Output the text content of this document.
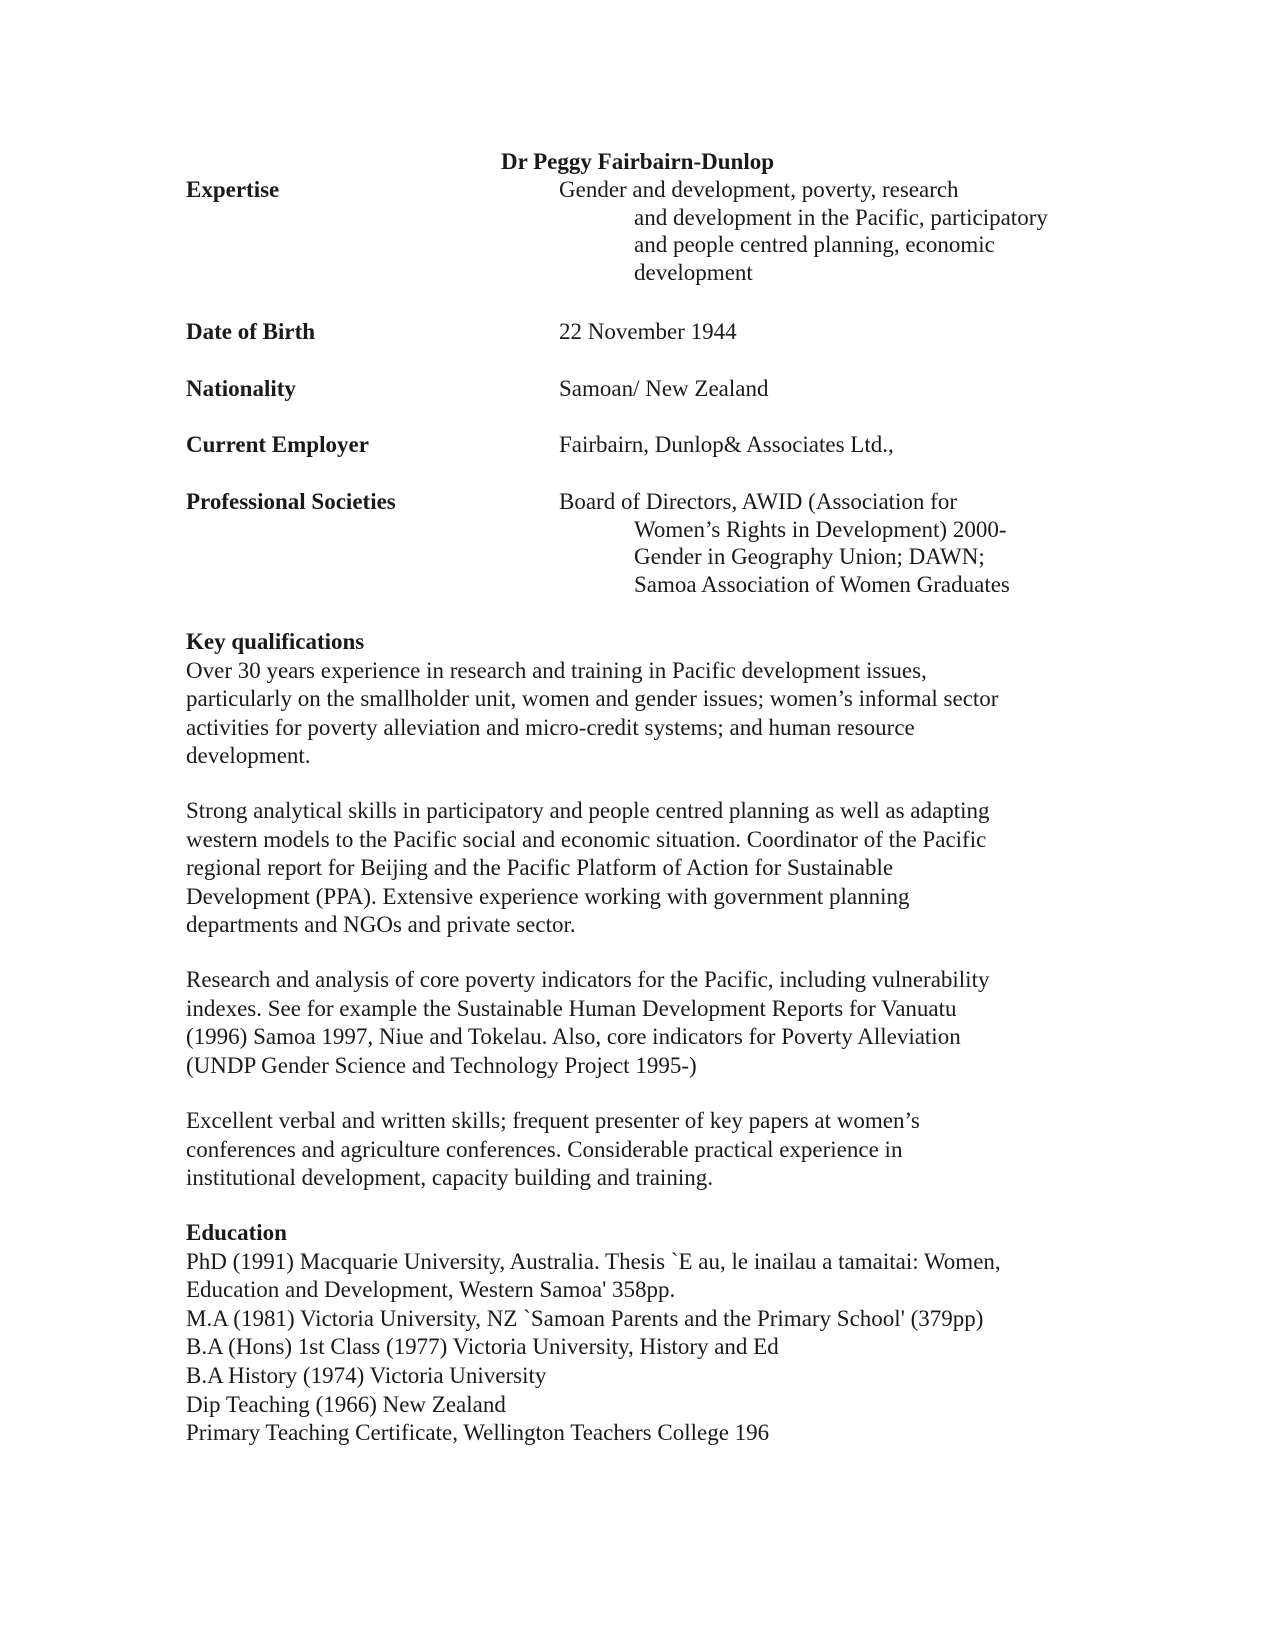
Dr Peggy Fairbairn-Dunlop
Expertise	Gender and development, poverty, research
and development in the Pacific, participatory
and people centred planning, economic
development
Date of Birth	22 November 1944
Nationality	Samoan/ New Zealand
Current Employer	Fairbairn, Dunlop& Associates Ltd.,
Professional Societies	Board of Directors, AWID (Association for
Women’s Rights in Development) 2000-
Gender in Geography Union; DAWN;
Samoa Association of Women Graduates
Key qualifications

Over 30 years experience in research and training in Pacific development issues,
particularly on the smallholder unit, women and gender issues; women’s informal sector
activities for poverty alleviation and micro-credit systems; and human resource
development.

Strong analytical skills in participatory and people centred planning as well as adapting
western models to the Pacific social and economic situation. Coordinator of the Pacific
regional report for Beijing and the Pacific Platform of Action for Sustainable
Development (PPA). Extensive experience working with government planning
departments and NGOs and private sector.
Research and analysis of core poverty indicators for the Pacific, including vulnerability
indexes. See for example the Sustainable Human Development Reports for Vanuatu
(1996) Samoa 1997, Niue and Tokelau. Also, core indicators for Poverty Alleviation
(UNDP Gender Science and Technology Project 1995-)
Excellent verbal and written skills; frequent presenter of key papers at women’s
conferences and agriculture conferences. Considerable practical experience in
institutional development, capacity building and training.
Education
PhD (1991) Macquarie University, Australia. Thesis `E au, le inailau a tamaitai: Women,
Education and Development, Western Samoa' 358pp.
M.A (1981) Victoria University, NZ `Samoan Parents and the Primary School' (379pp)
B.A (Hons) 1st Class (1977) Victoria University, History and Ed
B.A History (1974) Victoria University
Dip Teaching (1966) New Zealand
Primary Teaching Certificate, Wellington Teachers College 196
